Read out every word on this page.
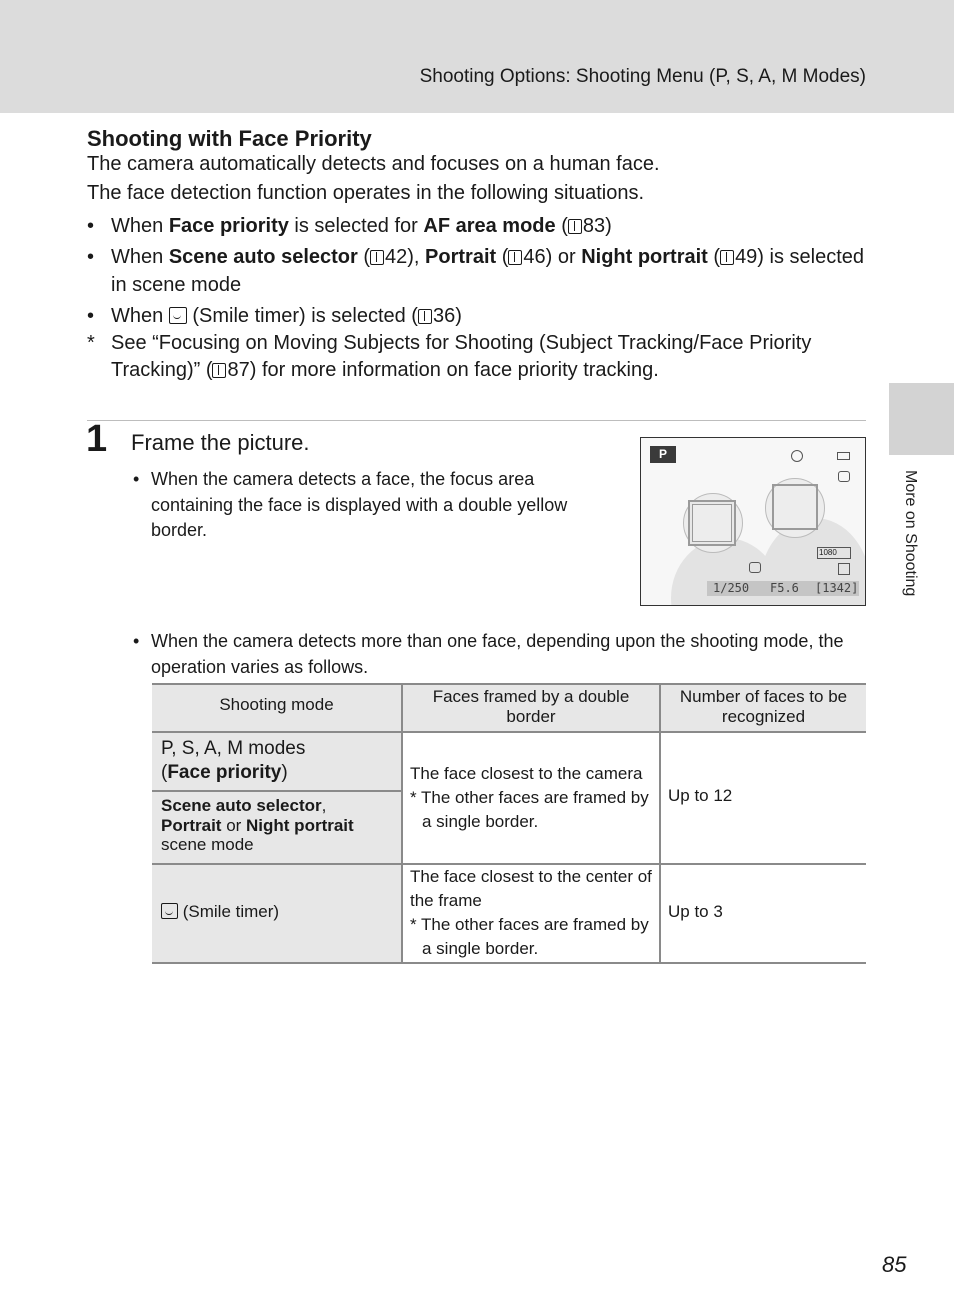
Shooting Options: Shooting Menu (P, S, A, M Modes)
More on Shooting
Shooting with Face Priority
The camera automatically detects and focuses on a human face.
The face detection function operates in the following situations.
• When Face priority is selected for AF area mode ( 83)
• When Scene auto selector ( 42), Portrait ( 46) or Night portrait ( 49) is selected in scene mode
• When  (Smile timer) is selected ( 36)
* See “Focusing on Moving Subjects for Shooting (Subject Tracking/Face Priority Tracking)” ( 87) for more information on face priority tracking.
1 Frame the picture.
• When the camera detects a face, the focus area containing the face is displayed with a double yellow border.
P
1080
1/250 F5.6 [1342]
• When the camera detects more than one face, depending upon the shooting mode, the operation varies as follows.
Shooting mode	Faces framed by a double border
Number of faces to be recognized
P, S, A, M modes
(Face priority)
Scene auto selector,
Portrait or Night portrait
scene mode
The face closest to the camera
* The other faces are framed by a single border.
Up to 12
(Smile timer)
The face closest to the center of the frame
* The other faces are framed by a single border.
Up to 3
85
